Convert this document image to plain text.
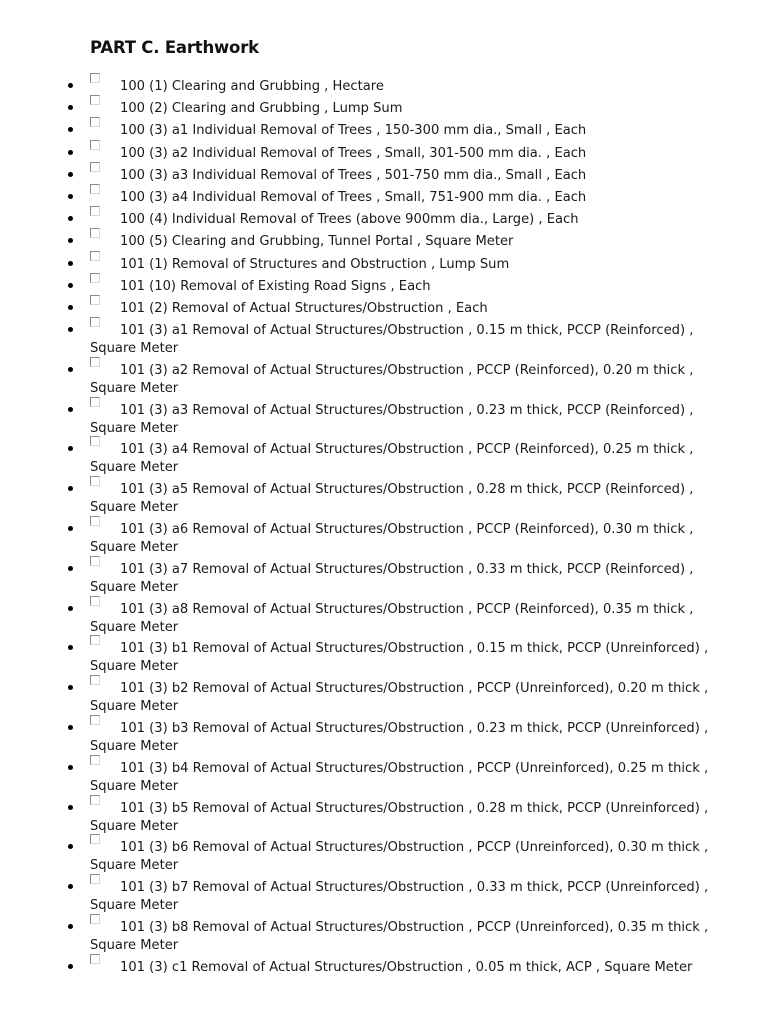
PART C. Earthwork
100 (1) Clearing and Grubbing , Hectare
100 (2) Clearing and Grubbing , Lump Sum
100 (3) a1 Individual Removal of Trees , 150-300 mm dia., Small , Each
100 (3) a2 Individual Removal of Trees , Small, 301-500 mm dia. , Each
100 (3) a3 Individual Removal of Trees , 501-750 mm dia., Small , Each
100 (3) a4 Individual Removal of Trees , Small, 751-900 mm dia. , Each
100 (4) Individual Removal of Trees (above 900mm dia., Large) , Each
100 (5) Clearing and Grubbing, Tunnel Portal , Square Meter
101 (1) Removal of Structures and Obstruction , Lump Sum
101 (10) Removal of Existing Road Signs , Each
101 (2) Removal of Actual Structures/Obstruction , Each
101 (3) a1 Removal of Actual Structures/Obstruction , 0.15 m thick, PCCP (Reinforced) ,
Square Meter
101 (3) a2 Removal of Actual Structures/Obstruction , PCCP (Reinforced), 0.20 m thick ,
Square Meter
101 (3) a3 Removal of Actual Structures/Obstruction , 0.23 m thick, PCCP (Reinforced) ,
Square Meter
101 (3) a4 Removal of Actual Structures/Obstruction , PCCP (Reinforced), 0.25 m thick ,
Square Meter
101 (3) a5 Removal of Actual Structures/Obstruction , 0.28 m thick, PCCP (Reinforced) ,
Square Meter
101 (3) a6 Removal of Actual Structures/Obstruction , PCCP (Reinforced), 0.30 m thick ,
Square Meter
101 (3) a7 Removal of Actual Structures/Obstruction , 0.33 m thick, PCCP (Reinforced) ,
Square Meter
101 (3) a8 Removal of Actual Structures/Obstruction , PCCP (Reinforced), 0.35 m thick ,
Square Meter
101 (3) b1 Removal of Actual Structures/Obstruction , 0.15 m thick, PCCP (Unreinforced) ,
Square Meter
101 (3) b2 Removal of Actual Structures/Obstruction , PCCP (Unreinforced), 0.20 m thick ,
Square Meter
101 (3) b3 Removal of Actual Structures/Obstruction , 0.23 m thick, PCCP (Unreinforced) ,
Square Meter
101 (3) b4 Removal of Actual Structures/Obstruction , PCCP (Unreinforced), 0.25 m thick ,
Square Meter
101 (3) b5 Removal of Actual Structures/Obstruction , 0.28 m thick, PCCP (Unreinforced) ,
Square Meter
101 (3) b6 Removal of Actual Structures/Obstruction , PCCP (Unreinforced), 0.30 m thick ,
Square Meter
101 (3) b7 Removal of Actual Structures/Obstruction , 0.33 m thick, PCCP (Unreinforced) ,
Square Meter
101 (3) b8 Removal of Actual Structures/Obstruction , PCCP (Unreinforced), 0.35 m thick ,
Square Meter
101 (3) c1 Removal of Actual Structures/Obstruction , 0.05 m thick, ACP , Square Meter
